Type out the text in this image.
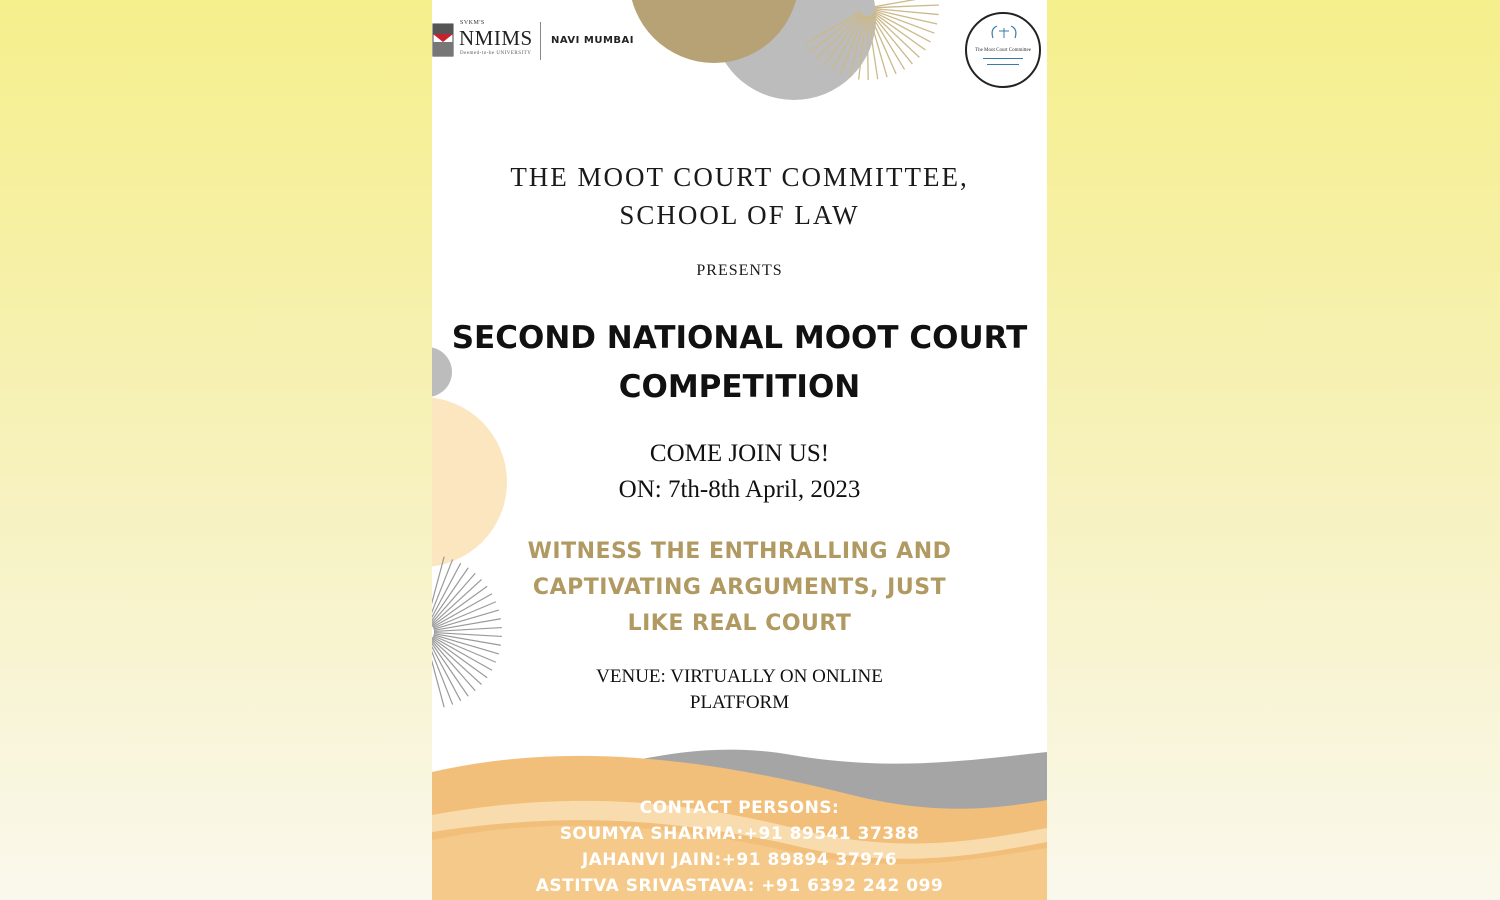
SVKM'S
NMIMS
Deemed-to-be UNIVERSITY
NAVI MUMBAI
The Moot Court Committee
THE MOOT COURT COMMITTEE,
SCHOOL OF LAW
PRESENTS
SECOND NATIONAL MOOT COURT
COMPETITION
COME JOIN US!
ON: 7th-8th April, 2023
WITNESS THE ENTHRALLING AND
CAPTIVATING ARGUMENTS, JUST
LIKE REAL COURT
VENUE: VIRTUALLY ON ONLINE
PLATFORM
CONTACT PERSONS:
SOUMYA SHARMA:+91 89541 37388
JAHANVI JAIN:+91 89894 37976
ASTITVA SRIVASTAVA: +91 6392 242 099
